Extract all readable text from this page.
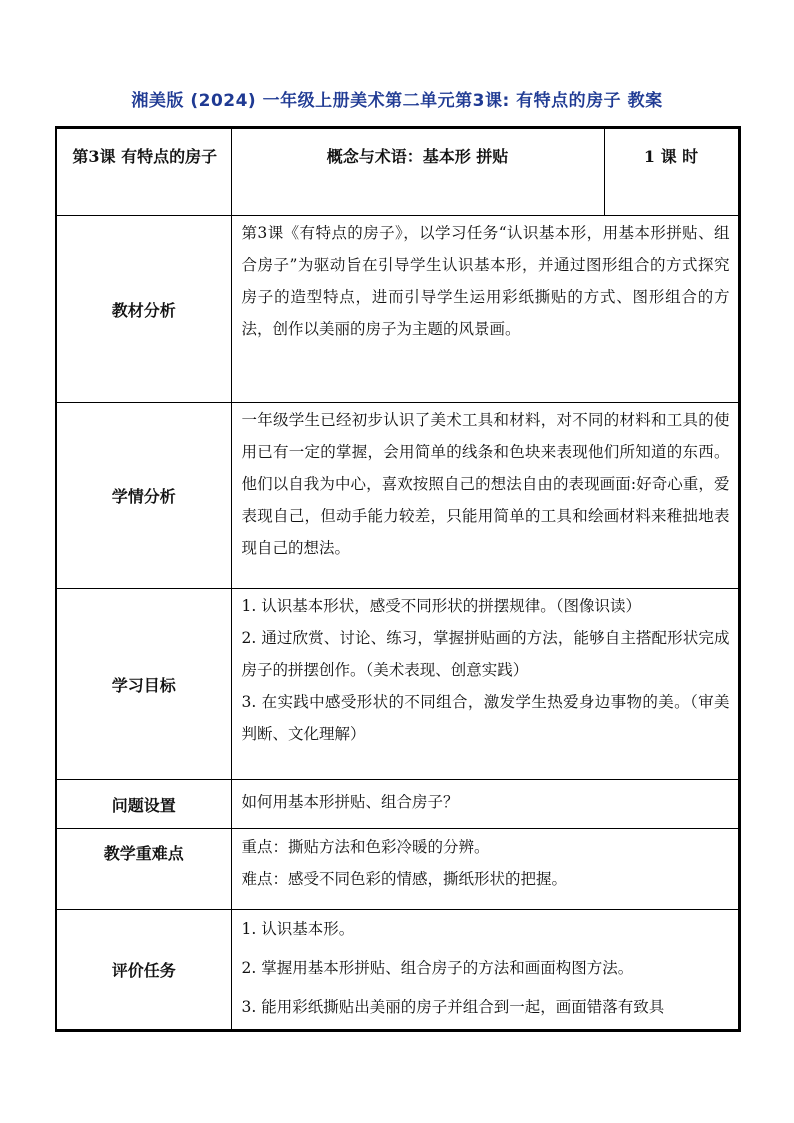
湘美版 (2024) 一年级上册美术第二单元第3课: 有特点的房子 教案
第3课 有特点的房子	概念与术语：基本形 拼贴	1 课 时

教材分析	第3课《有特点的房子》，以学习任务“认识基本形，用基本形拼贴、组合房子”为驱动旨在引导学生认识基本形，并通过图形组合的方式探究房子的造型特点，进而引导学生运用彩纸撕贴的方式、图形组合的方法，创作以美丽的房子为主题的风景画。	

学情分析	一年级学生已经初步认识了美术工具和材料，对不同的材料和工具的使用已有一定的掌握，会用简单的线条和色块来表现他们所知道的东西。他们以自我为中心，喜欢按照自己的想法自由的表现画面:好奇心重，爱表现自己，但动手能力较差，只能用简单的工具和绘画材料来稚拙地表现自己的想法。	

学习目标	1. 认识基本形状，感受不同形状的拼摆规律。（图像识读）

2. 通过欣赏、讨论、练习，掌握拼贴画的方法，能够自主搭配形状完成房子的拼摆创作。（美术表现、创意实践）

3. 在实践中感受形状的不同组合，激发学生热爱身边事物的美。（审美判断、文化理解）	

问题设置	如何用基本形拼贴、组合房子？	

教学重难点	重点：撕贴方法和色彩冷暖的分辨。

难点：感受不同色彩的情感，撕纸形状的把握。	

评价任务	1. 认识基本形。

2. 掌握用基本形拼贴、组合房子的方法和画面构图方法。

3. 能用彩纸撕贴出美丽的房子并组合到一起，画面错落有致具	
